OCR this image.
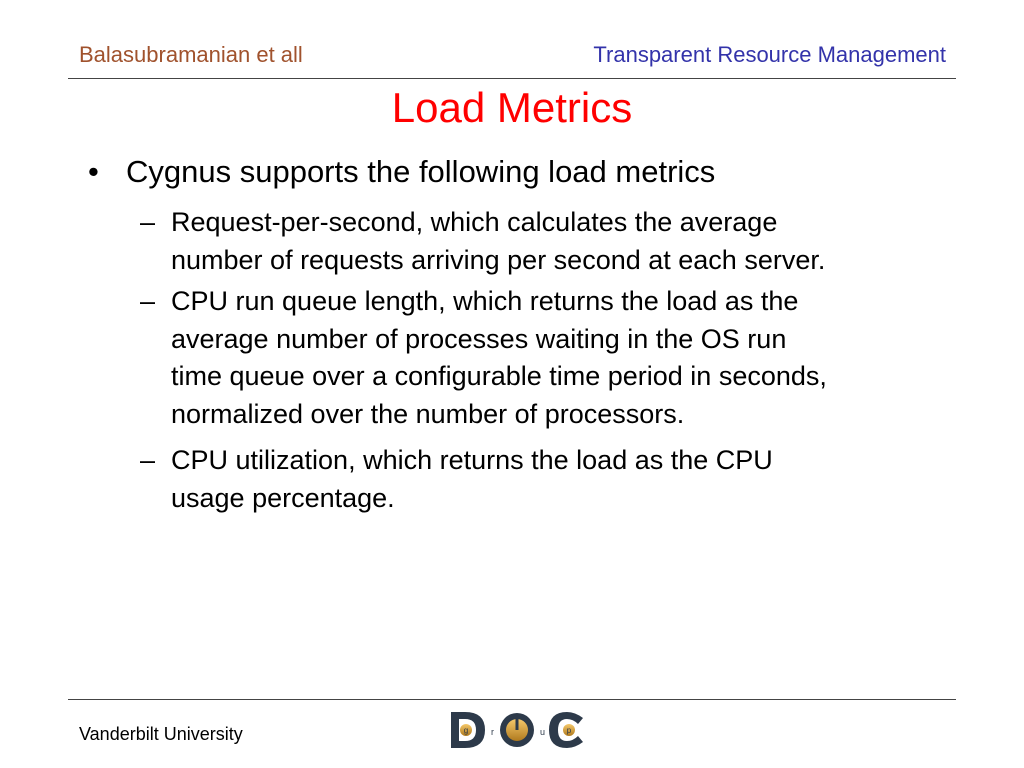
Balasubramanian et all	Transparent Resource Management
Load Metrics
• Cygnus supports the following load metrics
– Request-per-second, which calculates the average
number of requests arriving per second at each server.
– CPU run queue length, which returns the load as the
average number of processes waiting in the OS run
time queue over a configurable time period in seconds,
normalized over the number of processors.
– CPU utilization, which returns the load as the CPU
usage percentage.
Vanderbilt University	g	r	u	p
